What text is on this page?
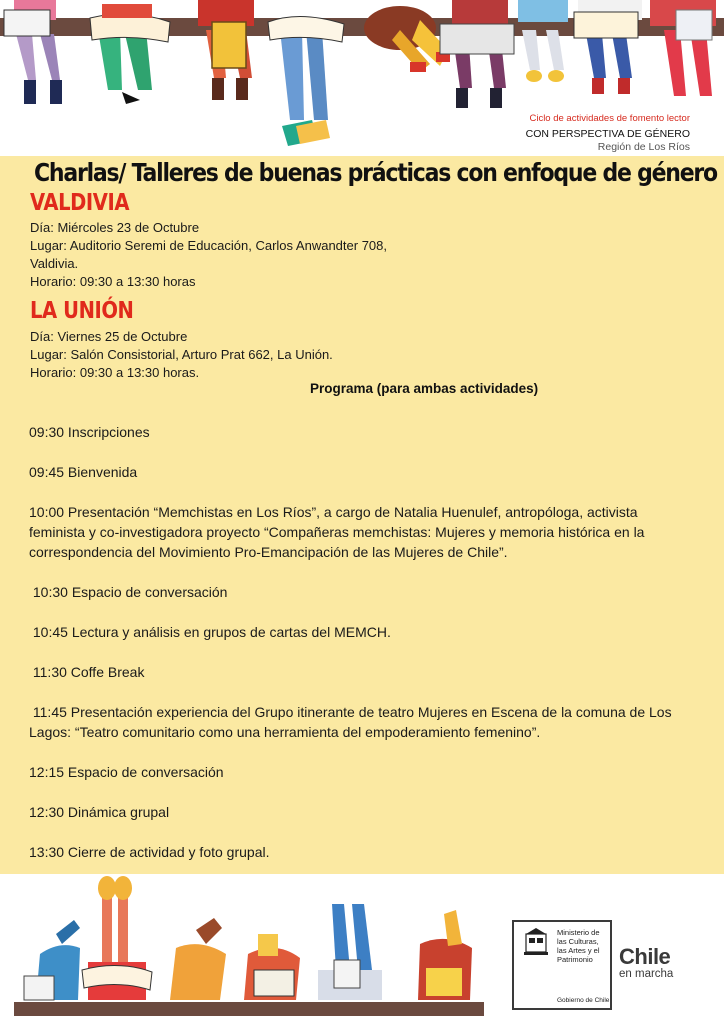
Ciclo de actividades de fomento lector
CON PERSPECTIVA DE GÉNERO
Región de Los Ríos
Charlas/ Talleres de buenas prácticas con enfoque de género
VALDIVIA
Día: Miércoles 23 de Octubre
Lugar: Auditorio Seremi de Educación, Carlos Anwandter 708,
Valdivia.
Horario: 09:30 a 13:30 horas
LA UNIÓN
Día: Viernes 25 de Octubre
Lugar: Salón Consistorial, Arturo Prat 662, La Unión.
Horario: 09:30 a 13:30 horas.
Programa (para ambas actividades)
09:30 Inscripciones
09:45 Bienvenida
10:00 Presentación “Memchistas en Los Ríos”, a cargo de Natalia Huenulef, antropóloga, activista feminista y co-investigadora proyecto “Compañeras memchistas: Mujeres y memoria histórica en la correspondencia del Movimiento Pro-Emancipación de las Mujeres de Chile”.
10:30 Espacio de conversación
10:45 Lectura y análisis en grupos de cartas del MEMCH.
11:30 Coffe Break
11:45 Presentación experiencia del Grupo itinerante de teatro Mujeres en Escena de la comuna de Los Lagos: “Teatro comunitario como una herramienta del empoderamiento femenino”.
12:15 Espacio de conversación
12:30 Dinámica grupal
13:30 Cierre de actividad y foto grupal.
Ministerio de
las Culturas,
las Artes y el
Patrimonio
Gobierno de Chile
Chile
en marcha
